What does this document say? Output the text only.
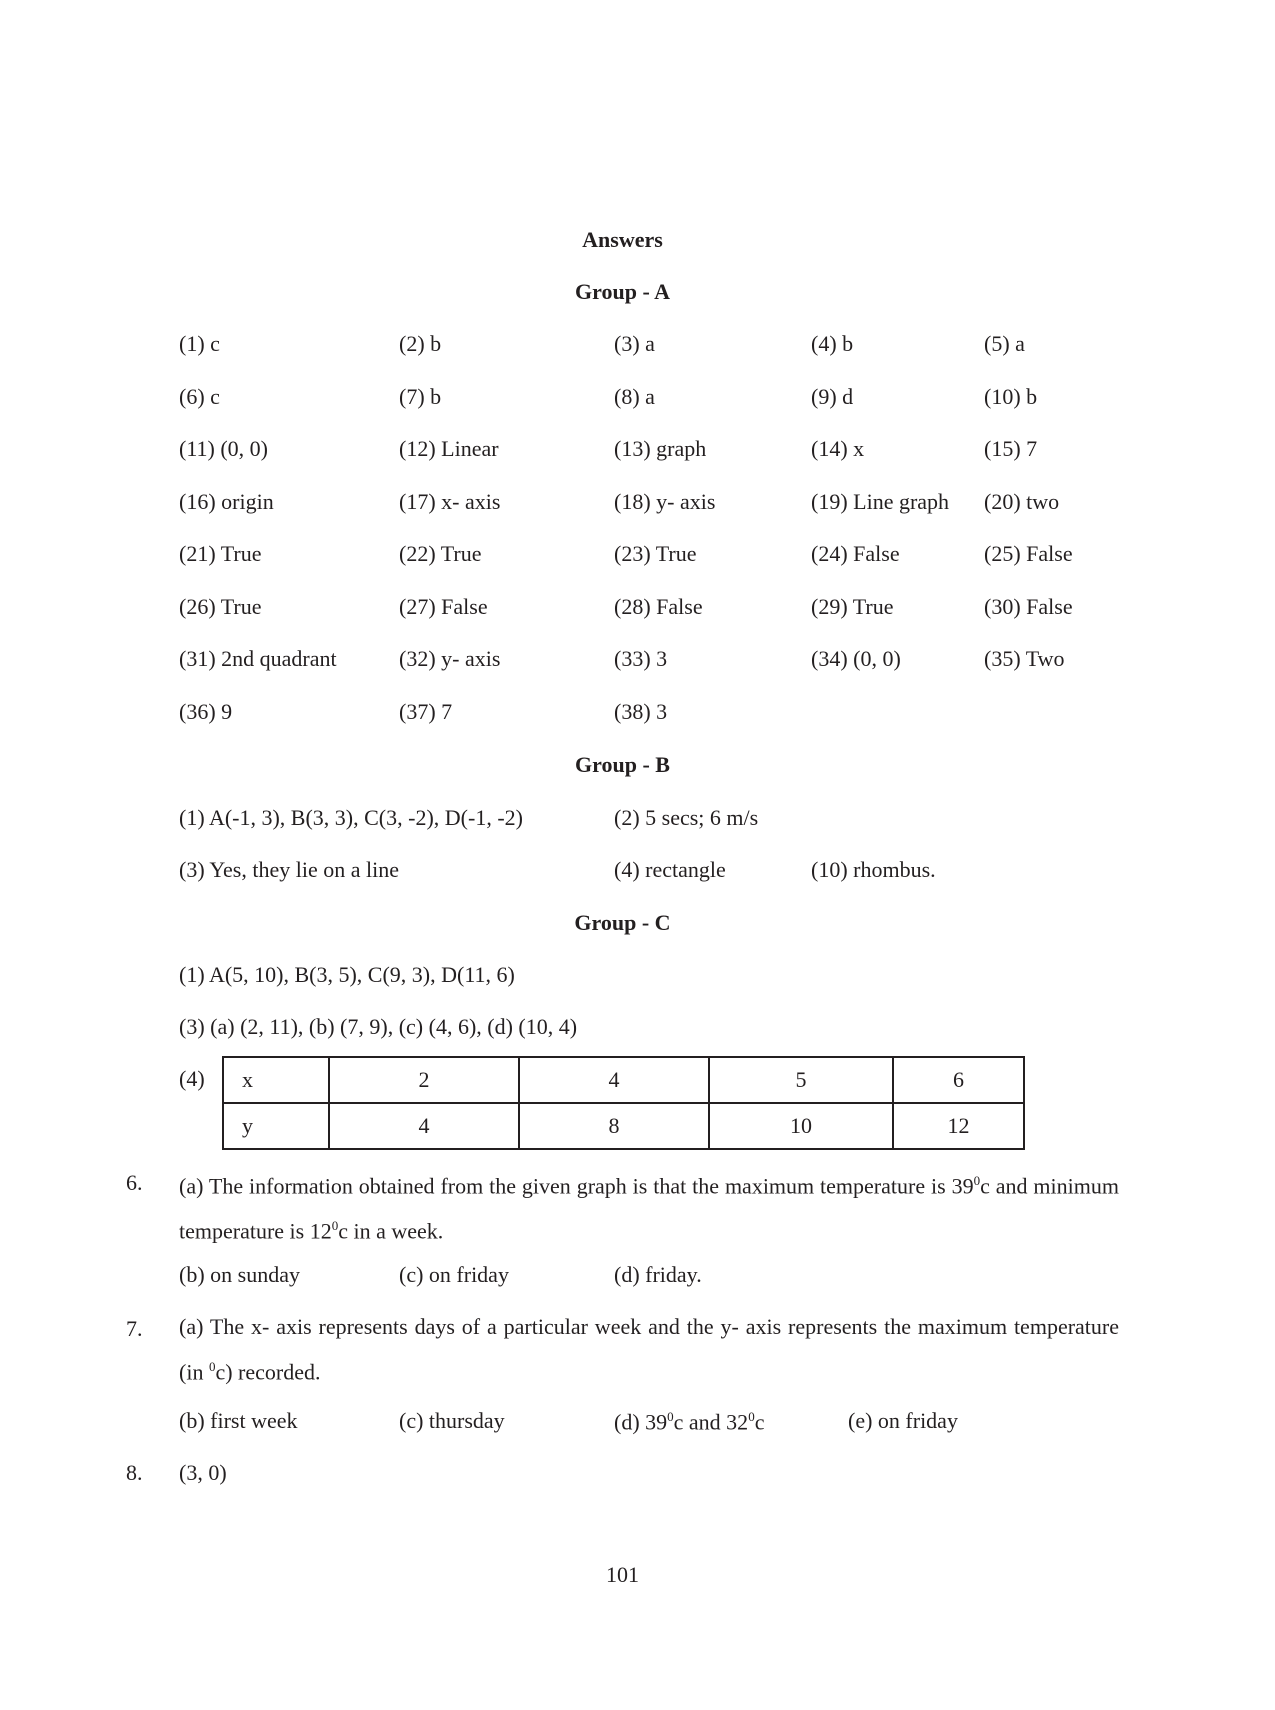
Answers
Group - A
(1) c	(2) b	(3) a	(4) b	(5) a
(6) c	(7) b	(8) a	(9) d	(10) b
(11) (0, 0)	(12) Linear	(13) graph	(14) x	(15) 7
(16) origin	(17) x- axis	(18) y- axis	(19) Line graph (20) two
(21) True	(22) True	(23) True	(24) False	(25) False
(26) True	(27) False	(28) False	(29) True	(30) False
(31) 2nd quadrant	(32) y- axis	(33) 3	(34) (0, 0)	(35) Two
(36) 9	(37) 7	(38) 3
Group - B
(1) A(-1, 3), B(3, 3), C(3, -2), D(-1, -2)	(2) 5 secs; 6 m/s
(3) Yes, they lie on a line	(4) rectangle	(10) rhombus.
Group - C
(1) A(5, 10), B(3, 5), C(9, 3), D(11, 6)
(3) (a) (2, 11), (b) (7, 9), (c) (4, 6), (d) (10, 4)
(4) x	2	4	5	6
y	4	8	10	12
6. (a) The information obtained from the given graph is that the maximum temperature is $39^0c$ and minimum temperature is $12^0c$ in a week.
(b) on sunday	(c) on friday	(d) friday.
7. (a) The x- axis represents days of a particular week and the y- axis represents the maximum temperature (in $^0$c) recorded.
(b) first week	(c) thursday	(d) $39^0c$ and $32^0c$	(e) on friday
8. (3, 0)
101
